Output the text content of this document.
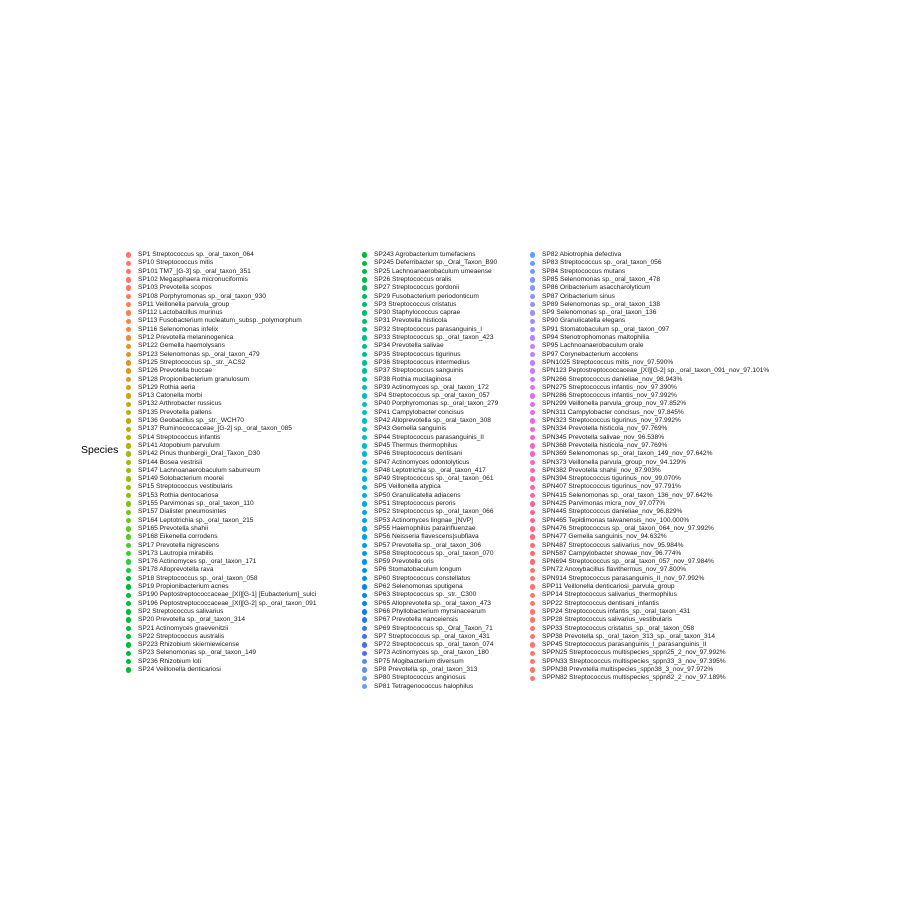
Species
SP1 Streptococcus sp._oral_taxon_064
SP10 Streptococcus mitis
SP101 TM7_[G-3] sp._oral_taxon_351
SP102 Megasphaera micronuciformis
SP103 Prevotella scopos
SP108 Porphyromonas sp._oral_taxon_930
SP11 Veillonella parvula_group
SP112 Lactobacillus murinus
SP113 Fusobacterium nucleatum_subsp._polymorphum
SP116 Selenomonas infelix
SP12 Prevotella melaninogenica
SP122 Gemella haemolysans
SP123 Selenomonas sp._oral_taxon_479
SP125 Streptococcus sp._str._ACS2
SP126 Prevotella buccae
SP128 Propionibacterium granulosum
SP129 Rothia aeria
SP13 Catonella morbi
SP132 Arthrobacter russicus
SP135 Prevotella pallens
SP136 Geobacillus sp._str._WCH70
SP137 Ruminococcaceae_[G-2] sp._oral_taxon_085
SP14 Streptococcus infantis
SP141 Atopobium parvulum
SP142 Pinus thunbergii_Oral_Taxon_D30
SP144 Bosea vestrisii
SP147 Lachnoanaerobaculum saburreum
SP149 Solobacterium moorei
SP15 Streptococcus vestibularis
SP153 Rothia dentocariosa
SP155 Parvimonas sp._oral_taxon_110
SP157 Dialister pneumosintes
SP164 Leptotrichia sp._oral_taxon_215
SP165 Prevotella shahii
SP168 Eikenella corrodens
SP17 Prevotella nigrescens
SP173 Lautropia mirabilis
SP176 Actinomyces sp._oral_taxon_171
SP178 Alloprevotella rava
SP18 Streptococcus sp._oral_taxon_058
SP19 Propionibacterium acnes
SP190 Peptostreptococcaceae_[XI][G-1] [Eubacterium]_sulci
SP196 Peptostreptococcaceae_[XI][G-2] sp._oral_taxon_091
SP2 Streptococcus salivarius
SP20 Prevotella sp._oral_taxon_314
SP21 Actinomyces graevenitzii
SP22 Streptococcus australis
SP223 Rhizobium skierniewicense
SP23 Selenomonas sp._oral_taxon_149
SP236 Rhizobium loti
SP24 Veillonella denticariosi
SP243 Agrobacterium tumefaciens
SP245 Deferribacter sp._Oral_Taxon_B90
SP25 Lachnoanaerobaculum umeaense
SP26 Streptococcus oralis
SP27 Streptococcus gordonii
SP29 Fusobacterium periodonticum
SP3 Streptococcus cristatus
SP30 Staphylococcus caprae
SP31 Prevotella histicola
SP32 Streptococcus parasanguinis_I
SP33 Streptococcus sp._oral_taxon_423
SP34 Prevotella salivae
SP35 Streptococcus tigurinus
SP36 Streptococcus intermedius
SP37 Streptococcus sanguinis
SP38 Rothia mucilaginosa
SP39 Actinomyces sp._oral_taxon_172
SP4 Streptococcus sp._oral_taxon_057
SP40 Porphyromonas sp._oral_taxon_279
SP41 Campylobacter concisus
SP42 Alloprevotella sp._oral_taxon_308
SP43 Gemella sanguinis
SP44 Streptococcus parasanguinis_II
SP45 Thermus thermophilus
SP46 Streptococcus dentisani
SP47 Actinomyces odontolyticus
SP48 Leptotrichia sp._oral_taxon_417
SP49 Streptococcus sp._oral_taxon_061
SP5 Veillonella atypica
SP50 Granulicatella adiacens
SP51 Streptococcus peroris
SP52 Streptococcus sp._oral_taxon_066
SP53 Actinomyces lingnae_[NVP]
SP55 Haemophilus parainfluenzae
SP56 Neisseria flavescens|subflava
SP57 Prevotella sp._oral_taxon_306
SP58 Streptococcus sp._oral_taxon_070
SP59 Prevotella oris
SP6 Stomatobaculum longum
SP60 Streptococcus constellatus
SP62 Selenomonas sputigena
SP63 Streptococcus sp._str._C300
SP65 Alloprevotella sp._oral_taxon_473
SP66 Phyllobacterium myrsinacearum
SP67 Prevotella nanceiensis
SP69 Streptococcus sp._Oral_Taxon_71
SP7 Streptococcus sp._oral_taxon_431
SP72 Streptococcus sp._oral_taxon_074
SP73 Actinomyces sp._oral_taxon_180
SP75 Mogibacterium diversum
SP8 Prevotella sp._oral_taxon_313
SP80 Streptococcus anginosus
SP81 Tetragenococcus halophilus
SP82 Abiotrophia defectiva
SP83 Streptococcus sp._oral_taxon_056
SP84 Streptococcus mutans
SP85 Selenomonas sp._oral_taxon_478
SP86 Oribacterium asaccharolyticum
SP87 Oribacterium sinus
SP89 Selenomonas sp._oral_taxon_138
SP9 Selenomonas sp._oral_taxon_136
SP90 Granulicatella elegans
SP91 Stomatobaculum sp._oral_taxon_097
SP94 Stenotrophomonas maltophilia
SP95 Lachnoanaerobaculum orale
SP97 Corynebacterium accolens
SPN1025 Streptococcus mitis_nov_97.590%
SPN123 Peptostreptococcaceae_[XI][G-2] sp._oral_taxon_091_nov_97.101%
SPN266 Streptococcus danieliae_nov_98.943%
SPN275 Streptococcus infantis_nov_97.390%
SPN286 Streptococcus infantis_nov_97.992%
SPN299 Veillonella parvula_group_nov_97.852%
SPN311 Campylobacter concisus_nov_97.845%
SPN323 Streptococcus tigurinus_nov_97.992%
SPN334 Prevotella histicola_nov_97.769%
SPN345 Prevotella salivae_nov_96.538%
SPN368 Prevotella histicola_nov_97.769%
SPN369 Selenomonas sp._oral_taxon_149_nov_97.642%
SPN373 Veillonella parvula_group_nov_94.129%
SPN382 Prevotella shahii_nov_87.903%
SPN394 Streptococcus tigurinus_nov_99.070%
SPN407 Streptococcus tigurinus_nov_97.791%
SPN415 Selenomonas sp._oral_taxon_136_nov_97.642%
SPN425 Parvimonas micra_nov_97.077%
SPN445 Streptococcus danieliae_nov_96.829%
SPN465 Tepidimonas taiwanensis_nov_100.000%
SPN476 Streptococcus sp._oral_taxon_064_nov_97.992%
SPN477 Gemella sanguinis_nov_94.632%
SPN487 Streptococcus salivarius_nov_95.984%
SPN587 Campylobacter showae_nov_96.774%
SPN694 Streptococcus sp._oral_taxon_057_nov_97.984%
SPN72 Anoxybacillus flavithermus_nov_97.800%
SPN914 Streptococcus parasanguinis_II_nov_97.992%
SPP11 Veillonella denticariosi_parvula_group
SPP14 Streptococcus salivarius_thermophilus
SPP22 Streptococcus dentisani_infantis
SPP24 Streptococcus infantis_sp._oral_taxon_431
SPP28 Streptococcus salivarius_vestibularis
SPP33 Streptococcus cristatus_sp._oral_taxon_058
SPP38 Prevotella sp._oral_taxon_313_sp._oral_taxon_314
SPP45 Streptococcus parasanguinis_I_parasanguinis_II
SPPN25 Streptococcus multispecies_sppn25_2_nov_97.992%
SPPN33 Streptococcus multispecies_sppn33_3_nov_97.395%
SPPN38 Prevotella multispecies_sppn38_3_nov_97.972%
SPPN82 Streptococcus multispecies_sppn82_2_nov_97.189%
